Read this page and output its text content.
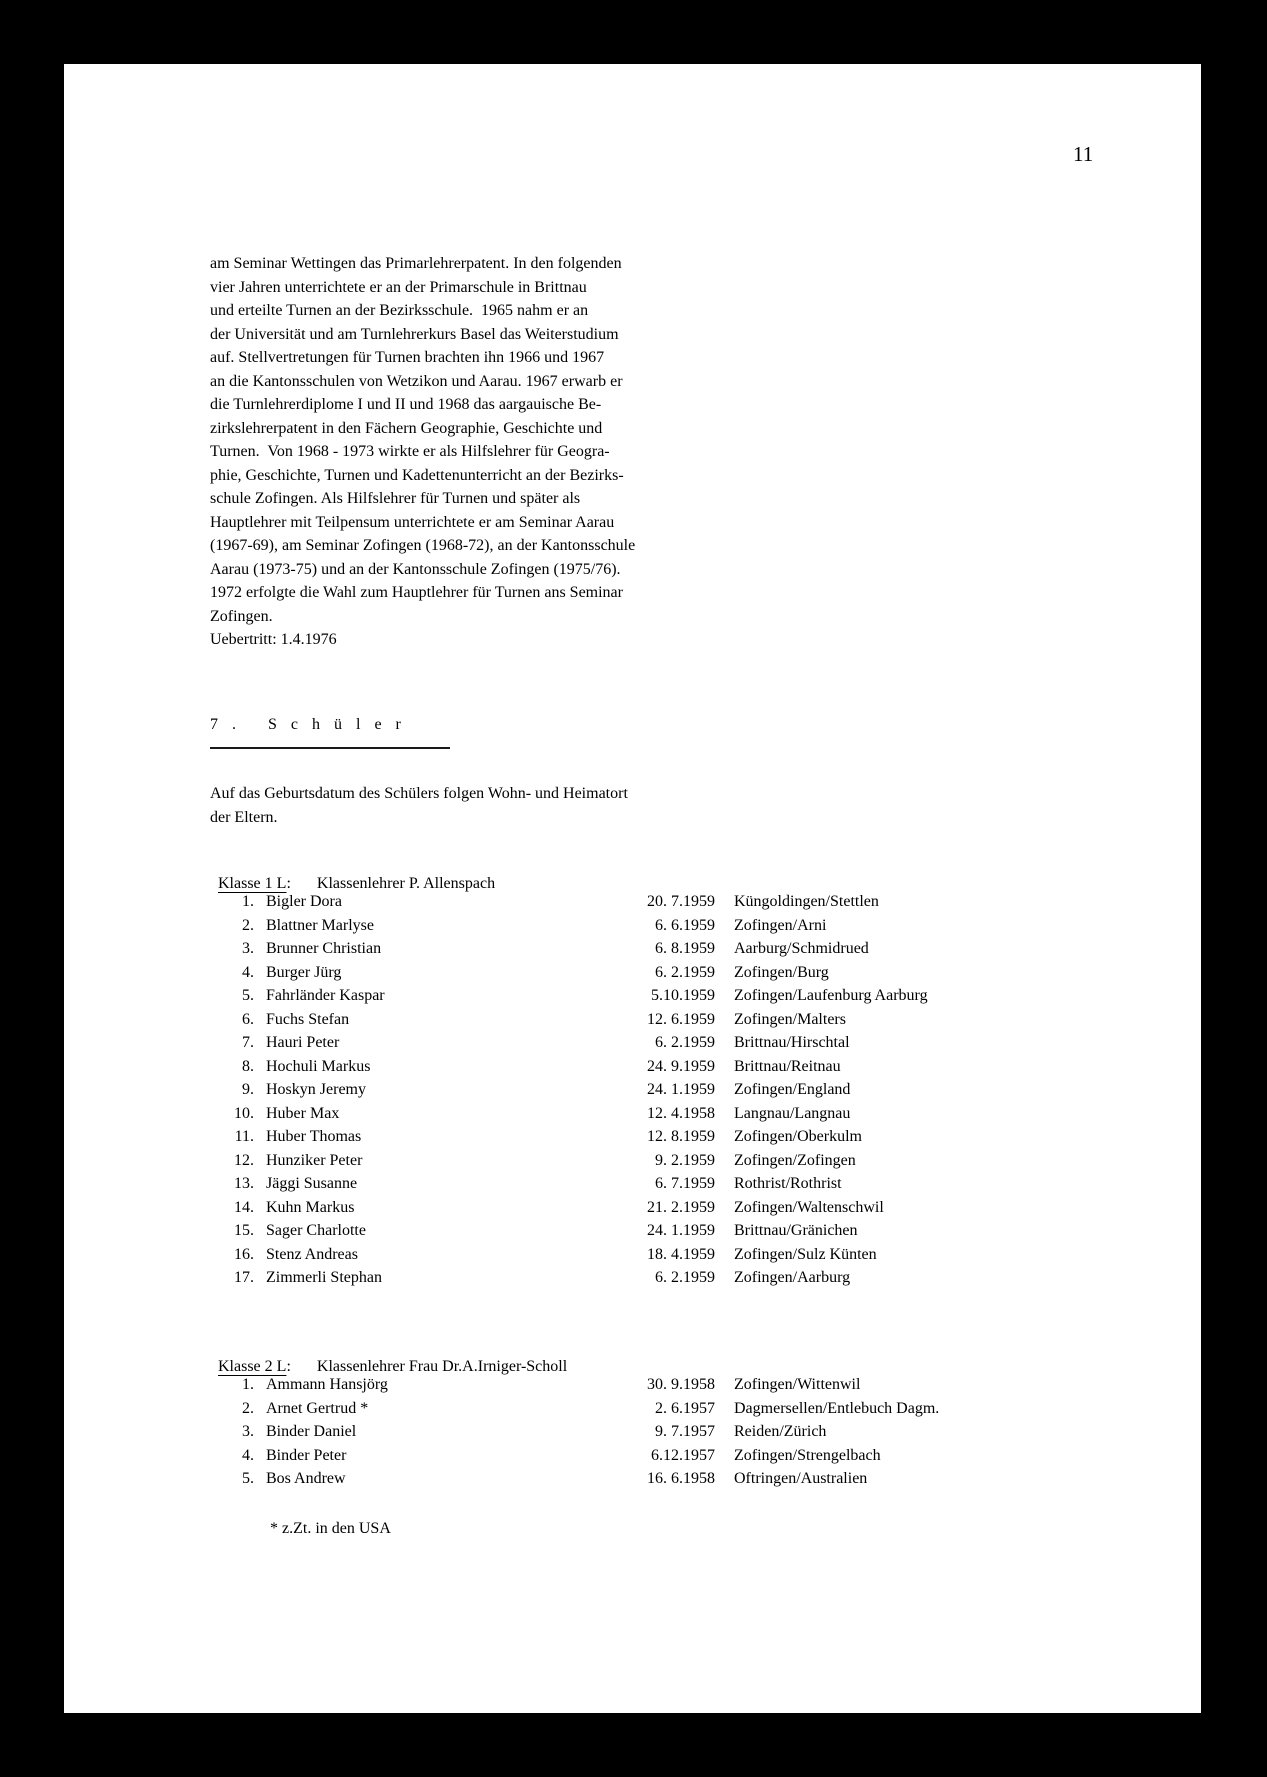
11
am Seminar Wettingen das Primarlehrerpatent. In den folgenden
vier Jahren unterrichtete er an der Primarschule in Brittnau
und erteilte Turnen an der Bezirksschule.  1965 nahm er an
der Universität und am Turnlehrerkurs Basel das Weiterstudium
auf. Stellvertretungen für Turnen brachten ihn 1966 und 1967
an die Kantonsschulen von Wetzikon und Aarau. 1967 erwarb er
die Turnlehrerdiplome I und II und 1968 das aargauische Be-
zirkslehrerpatent in den Fächern Geographie, Geschichte und
Turnen.  Von 1968 - 1973 wirkte er als Hilfslehrer für Geogra-
phie, Geschichte, Turnen und Kadettenunterricht an der Bezirks-
schule Zofingen. Als Hilfslehrer für Turnen und später als
Hauptlehrer mit Teilpensum unterrichtete er am Seminar Aarau
(1967-69), am Seminar Zofingen (1968-72), an der Kantonsschule
Aarau (1973-75) und an der Kantonsschule Zofingen (1975/76).
1972 erfolgte die Wahl zum Hauptlehrer für Turnen ans Seminar
Zofingen.
Uebertritt: 1.4.1976
7. Schüler
Auf das Geburtsdatum des Schülers folgen Wohn- und Heimatort
der Eltern.

Klasse 1 L: Klassenlehrer P. Allenspach

1. Bigler Dora	20. 7.1959 Küngoldingen/Stettlen
2. Blattner Marlyse	6. 6.1959 Zofingen/Arni
3. Brunner Christian	6. 8.1959 Aarburg/Schmidrued
4. Burger Jürg	6. 2.1959 Zofingen/Burg
5. Fahrländer Kaspar	5.10.1959 Zofingen/Laufenburg Aarburg
6. Fuchs Stefan	12. 6.1959 Zofingen/Malters
7. Hauri Peter	6. 2.1959 Brittnau/Hirschtal
8. Hochuli Markus	24. 9.1959 Brittnau/Reitnau
9. Hoskyn Jeremy	24. 1.1959 Zofingen/England
10. Huber Max	12. 4.1958 Langnau/Langnau
11. Huber Thomas	12. 8.1959 Zofingen/Oberkulm
12. Hunziker Peter	9. 2.1959 Zofingen/Zofingen
13. Jäggi Susanne	6. 7.1959 Rothrist/Rothrist
14. Kuhn Markus	21. 2.1959 Zofingen/Waltenschwil
15. Sager Charlotte	24. 1.1959 Brittnau/Gränichen
16. Stenz Andreas	18. 4.1959 Zofingen/Sulz Künten
17. Zimmerli Stephan	6. 2.1959 Zofingen/Aarburg

Klasse 2 L: Klassenlehrer Frau Dr.A.Irniger-Scholl

1. Ammann Hansjörg	30. 9.1958 Zofingen/Wittenwil
2. Arnet Gertrud *	2. 6.1957 Dagmersellen/Entlebuch Dagm.
3. Binder Daniel	9. 7.1957 Reiden/Zürich
4. Binder Peter	6.12.1957 Zofingen/Strengelbach
5. Bos Andrew	16. 6.1958 Oftringen/Australien
* z.Zt. in den USA
